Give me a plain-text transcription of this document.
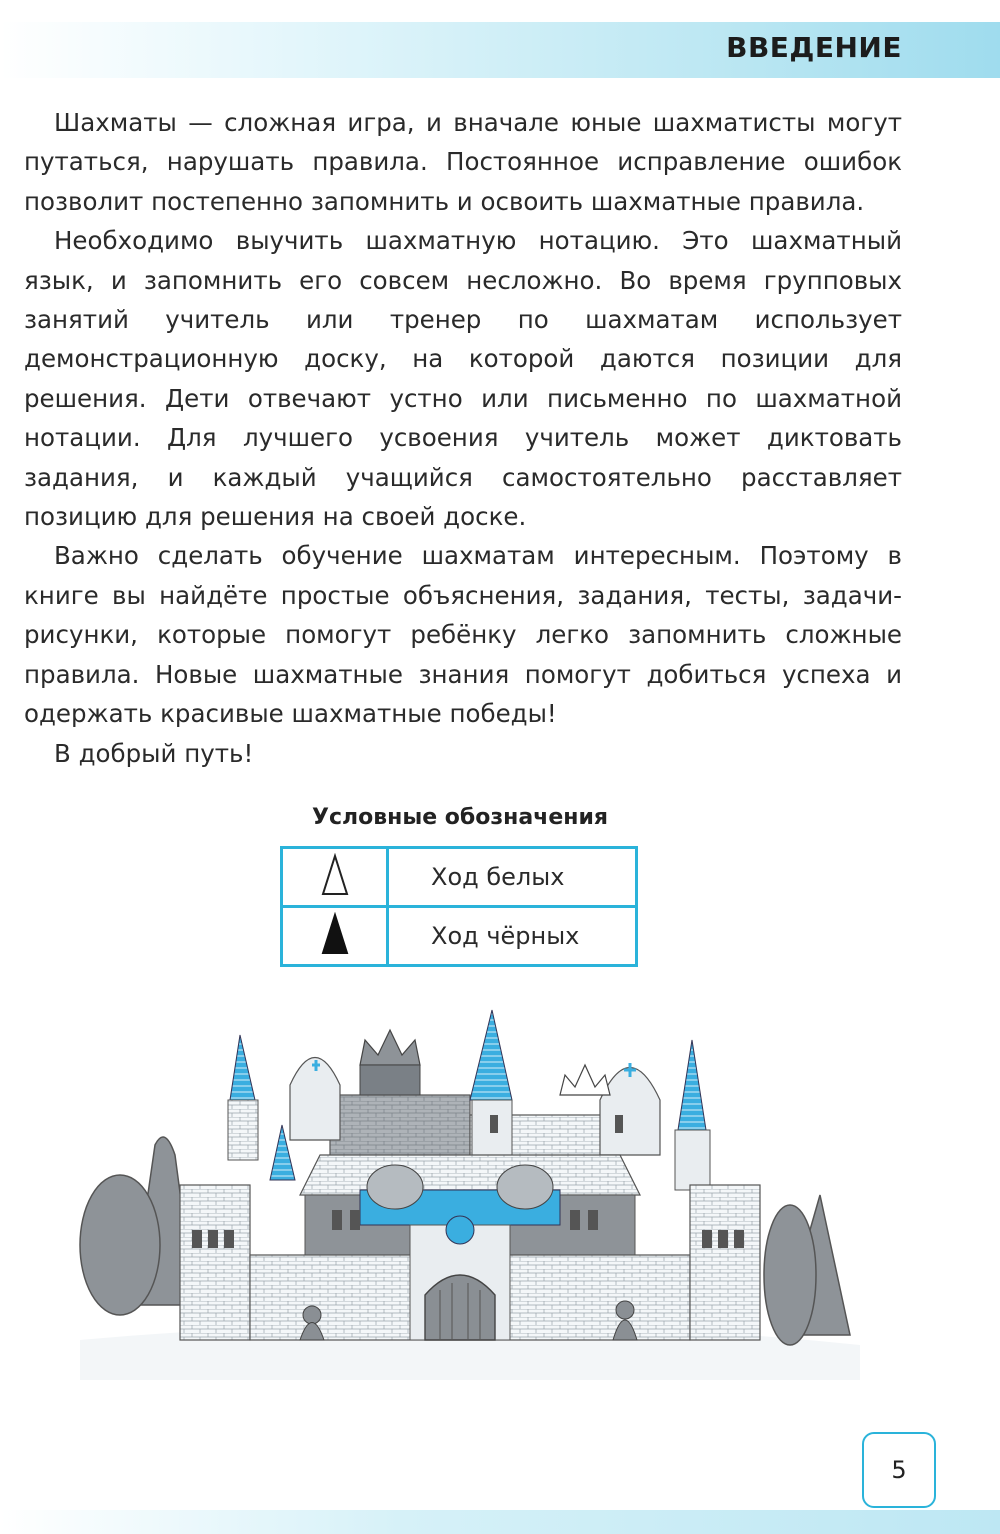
ВВЕДЕНИЕ

Шахматы — сложная игра, и вначале юные шахматисты могут путаться, нарушать правила. Постоянное исправление ошибок позволит постепенно запомнить и освоить шахматные правила.

Необходимо выучить шахматную нотацию. Это шахматный язык, и запомнить его совсем несложно. Во время групповых занятий учитель или тренер по шахматам использует демонстрационную доску, на которой даются позиции для решения. Дети отвечают устно или письменно по шахматной нотации. Для лучшего усвоения учитель может диктовать задания, и каждый учащийся самостоятельно расставляет позицию для решения на своей доске.

Важно сделать обучение шахматам интересным. Поэтому в книге вы найдёте простые объяснения, задания, тесты, задачи-рисунки, которые помогут ребёнку легко запомнить сложные правила. Новые шахматные знания помогут добиться успеха и одержать красивые шахматные победы!

В добрый путь!

Условные обозначения
	Ход белых
	Ход чёрных
5
